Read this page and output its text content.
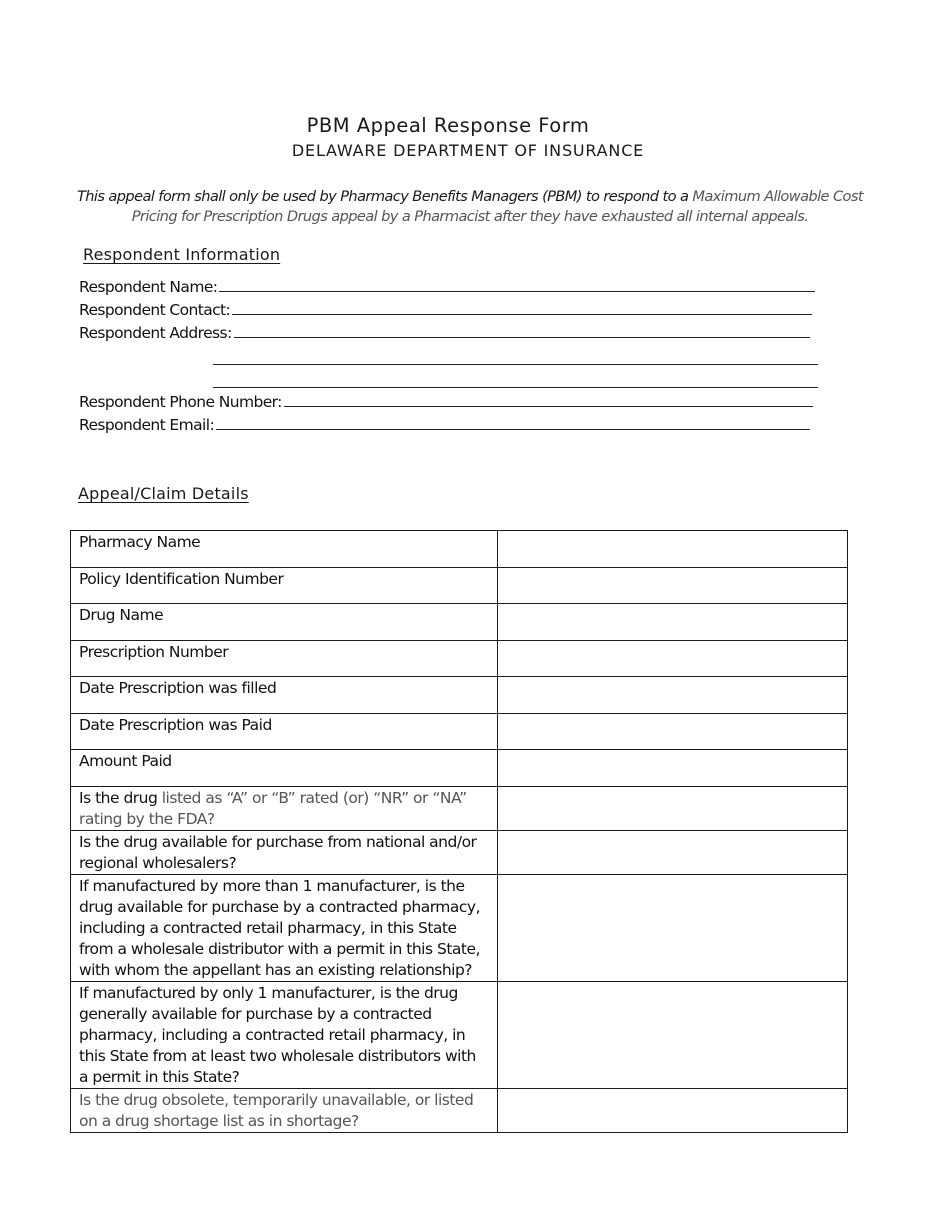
PBM Appeal Response Form
DELAWARE DEPARTMENT OF INSURANCE
This appeal form shall only be used by Pharmacy Benefits Managers (PBM) to respond to a Maximum Allowable Cost Pricing for Prescription Drugs appeal by a Pharmacist after they have exhausted all internal appeals.
Respondent Information
Respondent Name:
Respondent Contact:
Respondent Address:
Respondent Phone Number:
Respondent Email:
Appeal/Claim Details
Pharmacy Name	
Policy Identification Number	
Drug Name	
Prescription Number	
Date Prescription was filled	
Date Prescription was Paid	
Amount Paid	
Is the drug listed as “A” or “B” rated (or) “NR” or “NA” rating by the FDA?	
Is the drug available for purchase from national and/or regional wholesalers?	
If manufactured by more than 1 manufacturer, is the drug available for purchase by a contracted pharmacy, including a contracted retail pharmacy, in this State from a wholesale distributor with a permit in this State, with whom the appellant has an existing relationship?	
If manufactured by only 1 manufacturer, is the drug generally available for purchase by a contracted pharmacy, including a contracted retail pharmacy, in this State from at least two wholesale distributors with a permit in this State?	
Is the drug obsolete, temporarily unavailable, or listed on a drug shortage list as in shortage?	
